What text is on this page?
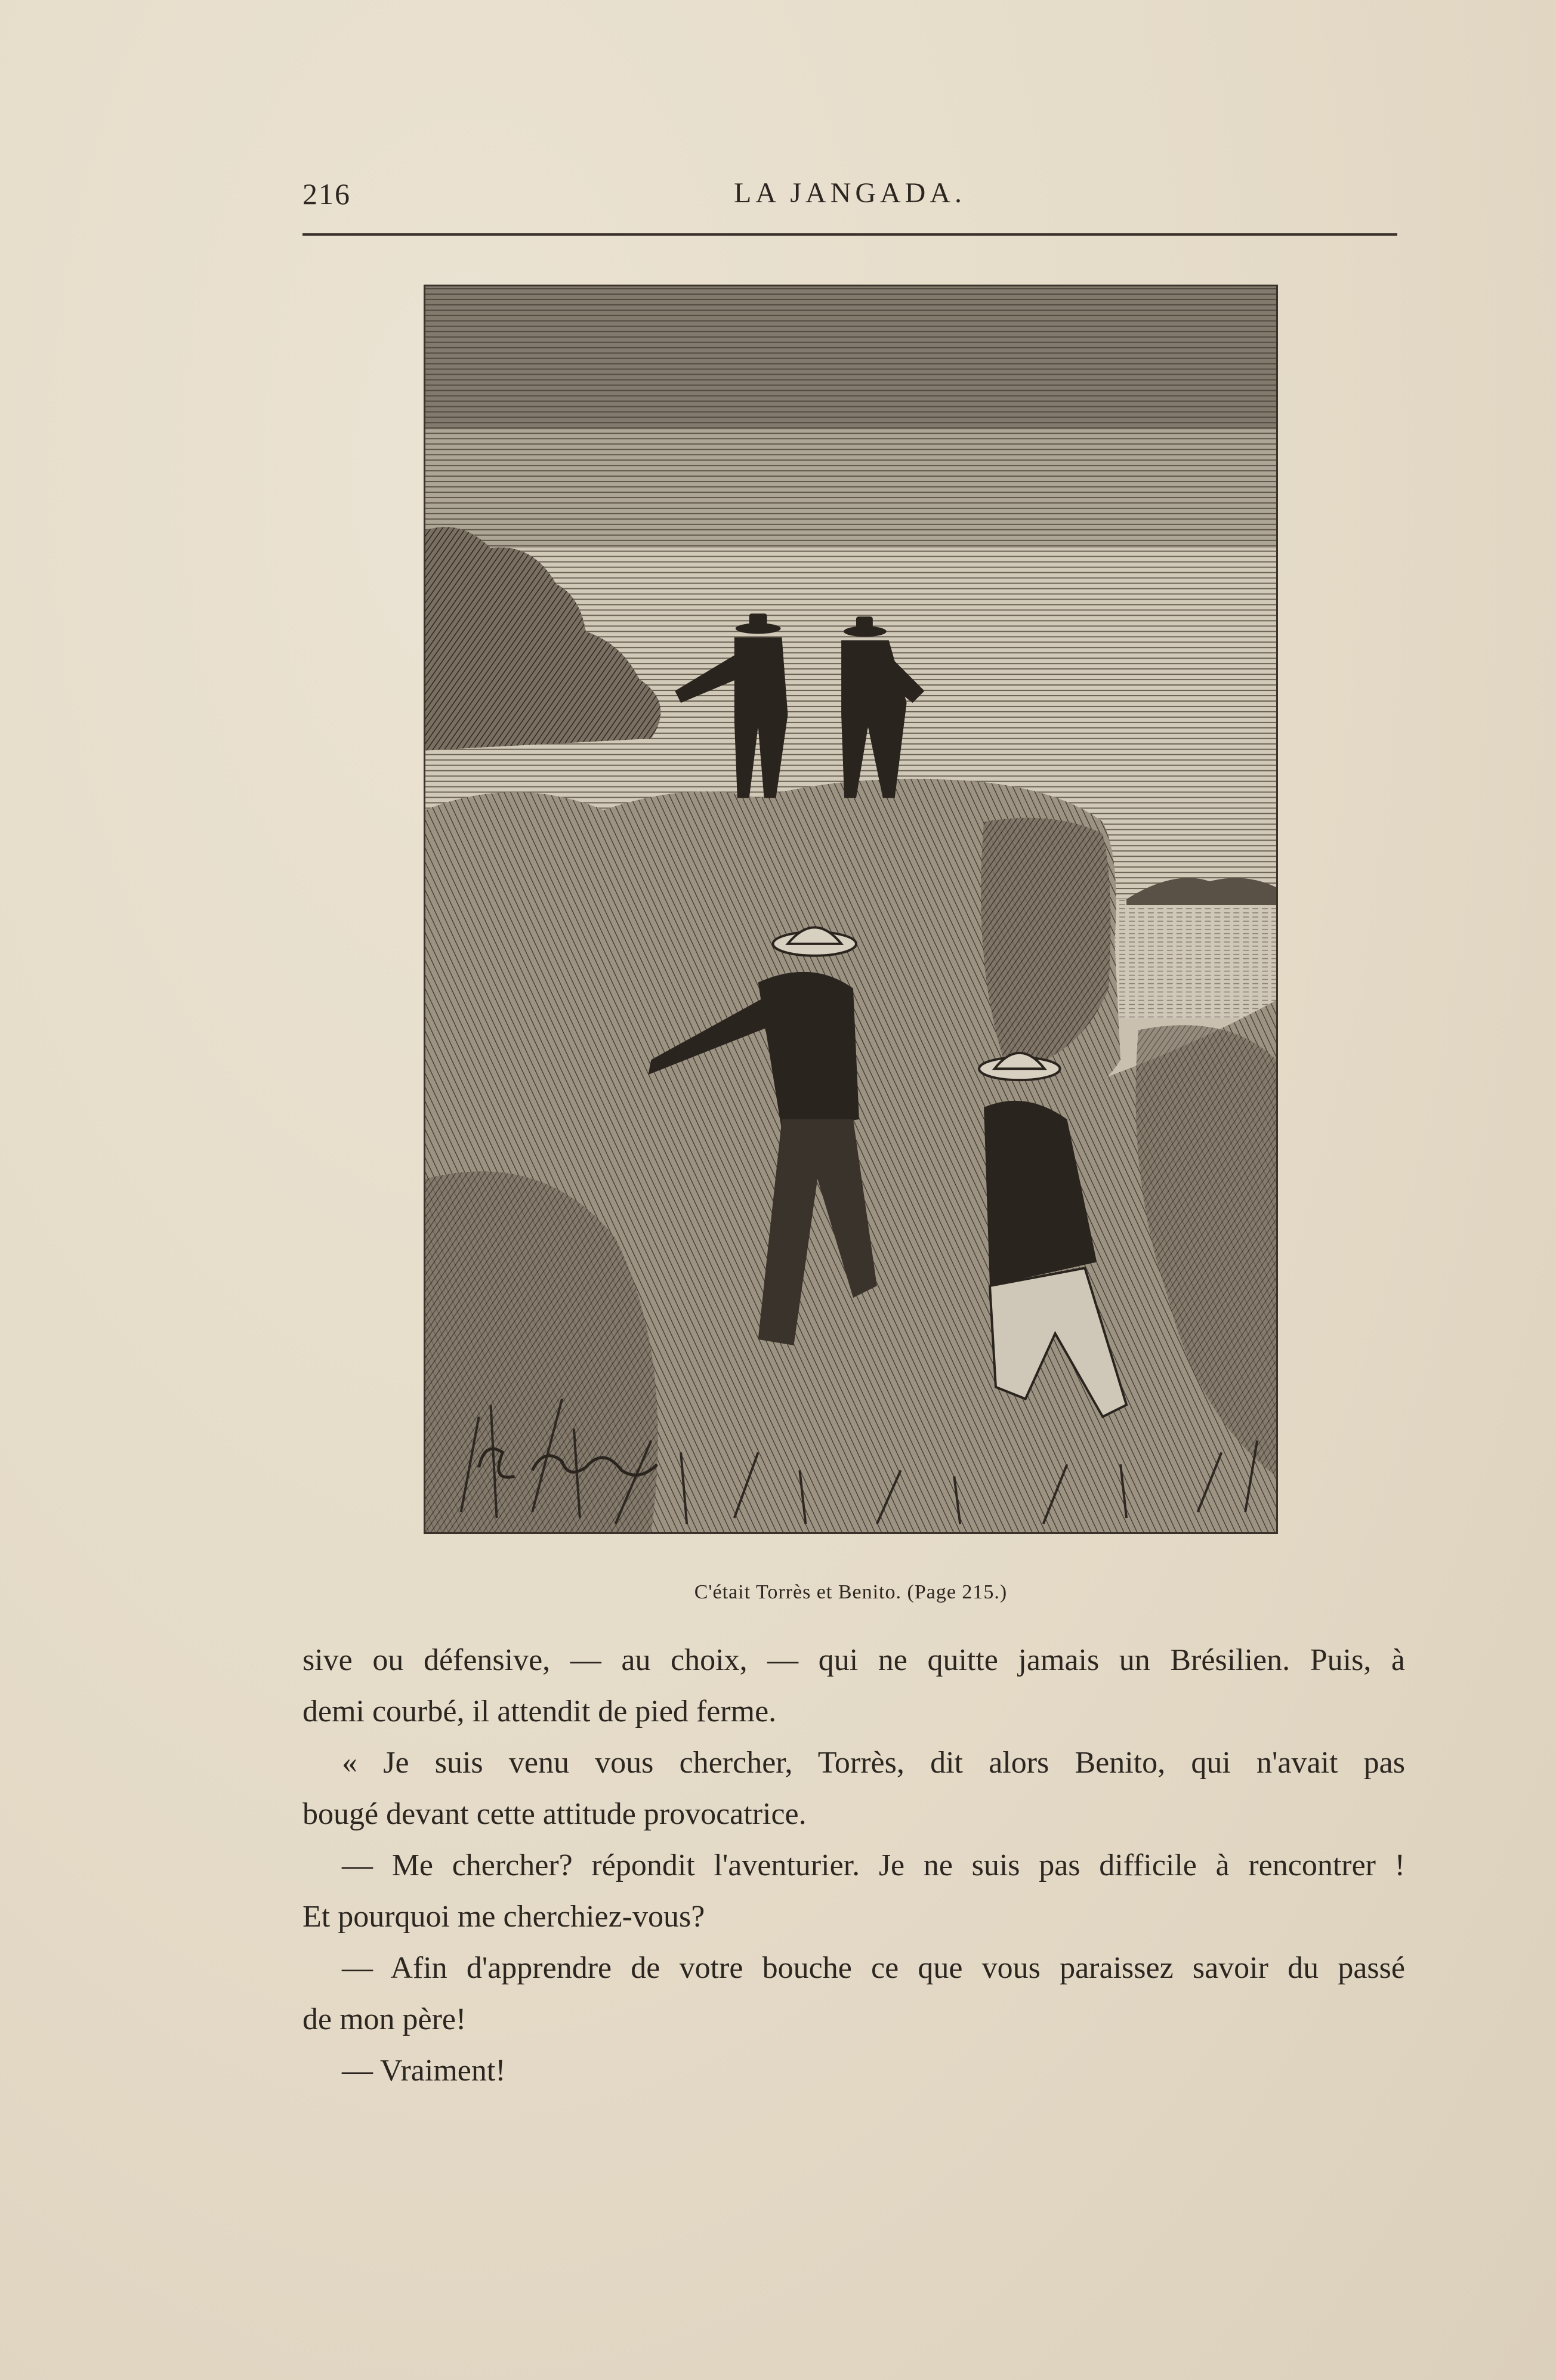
216	LA JANGADA.
C'était Torrès et Benito. (Page 215.)

sive ou défensive, — au choix, — qui ne quitte jamais un Brésilien. Puis, à

demi courbé, il attendit de pied ferme.

« Je suis venu vous chercher, Torrès, dit alors Benito, qui n'avait pas

bougé devant cette attitude provocatrice.

— Me chercher? répondit l'aventurier. Je ne suis pas difficile à rencontrer !

Et pourquoi me cherchiez-vous?

— Afin d'apprendre de votre bouche ce que vous paraissez savoir du passé

de mon père!

— Vraiment!
